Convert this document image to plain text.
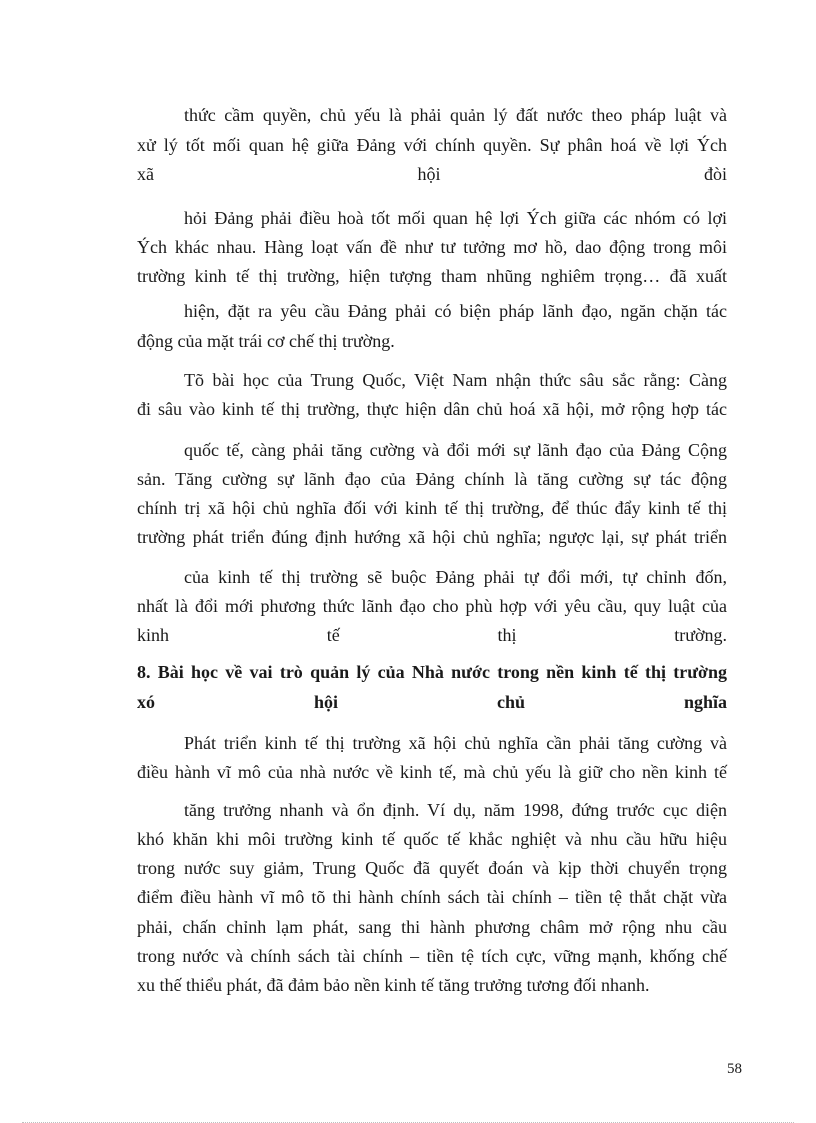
thức cầm quyền, chủ yếu là phải quản lý đất nước theo pháp luật và
xử lý tốt mối quan hệ giữa Đảng với chính quyền. Sự phân hoá về lợi Ých
xã hội đòi
hỏi Đảng phải điều hoà tốt mối quan hệ lợi Ých giữa các nhóm có lợi
Ých khác nhau. Hàng loạt vấn đề như tư tưởng mơ hồ, dao động trong môi
trường kinh tế thị trường, hiện tượng tham nhũng nghiêm trọng… đã xuất
hiện, đặt ra yêu cầu Đảng phải có biện pháp lãnh đạo, ngăn chặn tác
động của mặt trái cơ chế thị trường.
Tõ bài học của Trung Quốc, Việt Nam nhận thức sâu sắc rằng: Càng
đi sâu vào kinh tế thị trường, thực hiện dân chủ hoá xã hội, mở rộng hợp tác
quốc tế, càng phải tăng cường và đổi mới sự lãnh đạo của Đảng Cộng
sản. Tăng cường sự lãnh đạo của Đảng chính là tăng cường sự tác động
chính trị xã hội chủ nghĩa đối với kinh tế thị trường, để thúc đẩy kinh tế thị
trường phát triển đúng định hướng xã hội chủ nghĩa; ngược lại, sự phát triển
của kinh tế thị trường sẽ buộc Đảng phải tự đổi mới, tự chỉnh đốn,
nhất là đổi mới phương thức lãnh đạo cho phù hợp với yêu cầu, quy luật của
kinh tế thị trường.
8. Bài học về vai trò quản lý của Nhà nước trong nền kinh tế thị trường
xó hội chủ nghĩa
Phát triển kinh tế thị trường xã hội chủ nghĩa cần phải tăng cường và
điều hành vĩ mô của nhà nước về kinh tế, mà chủ yếu là giữ cho nền kinh tế
tăng trưởng nhanh và ổn định. Ví dụ, năm 1998, đứng trước cục diện
khó khăn khi môi trường kinh tế quốc tế khắc nghiệt và nhu cầu hữu hiệu
trong nước suy giảm, Trung Quốc đã quyết đoán và kịp thời chuyển trọng
điểm điều hành vĩ mô tõ thi hành chính sách tài chính – tiền tệ thắt chặt vừa
phải, chấn chỉnh lạm phát, sang thi hành phương châm mở rộng nhu cầu
trong nước và chính sách tài chính – tiền tệ tích cực, vững mạnh, khống chế
xu thế thiểu phát, đã đảm bảo nền kinh tế tăng trưởng tương đối nhanh.
58
